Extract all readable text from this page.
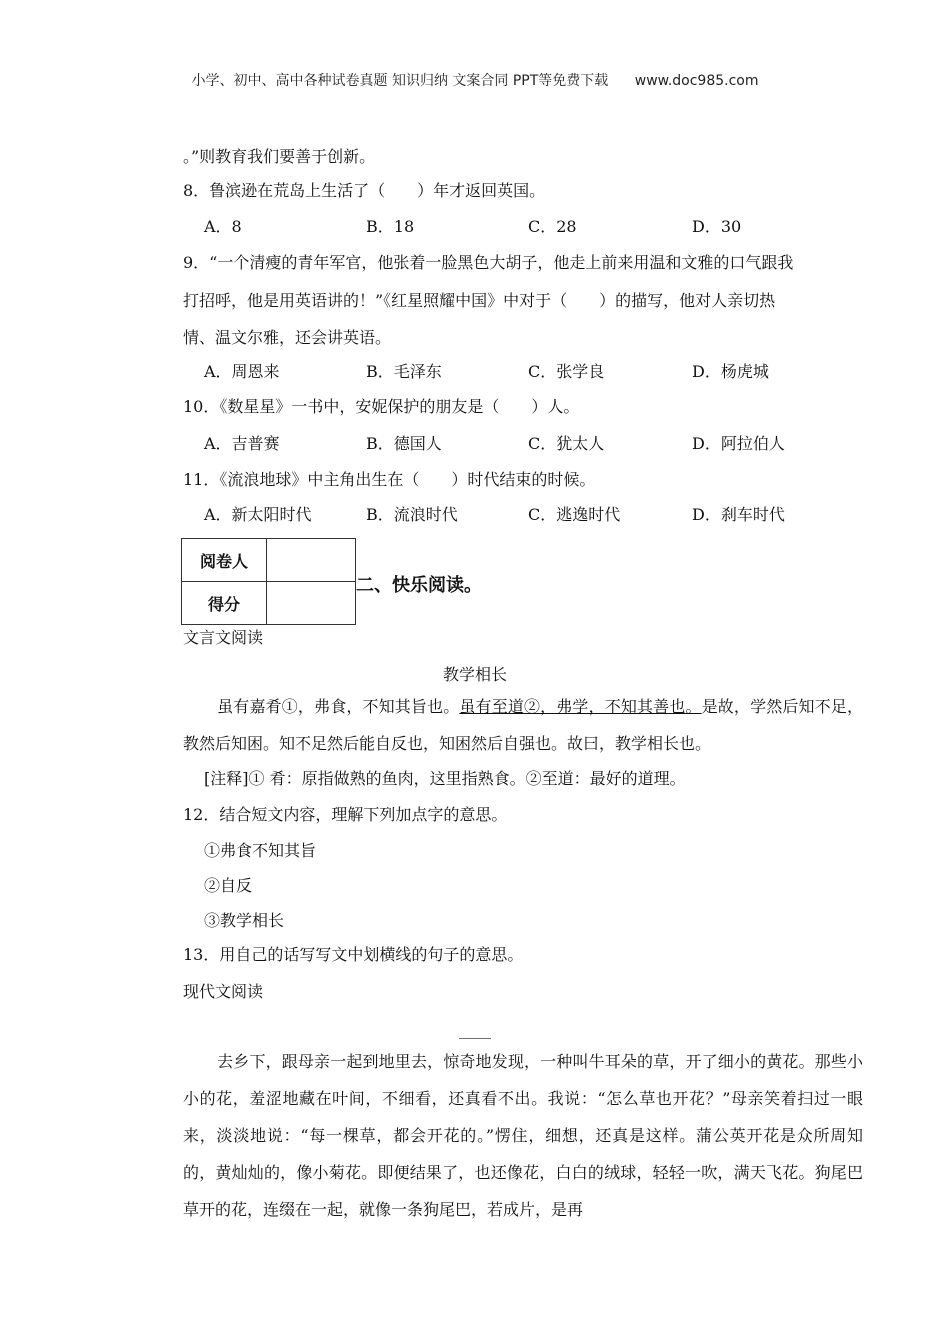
小学、初中、高中各种试卷真题 知识归纳 文案合同 PPT等免费下载 www.doc985.com
。”则教育我们要善于创新。
8．鲁滨逊在荒岛上生活了（　　）年才返回英国。
A．8	B．18	C．28	D．30
9．“一个清瘦的青年军官，他张着一脸黑色大胡子，他走上前来用温和文雅的口气跟我
打招呼，他是用英语讲的！”《红星照耀中国》中对于（　　）的描写，他对人亲切热
情、温文尔雅，还会讲英语。
A．周恩来	B．毛泽东	C．张学良	D．杨虎城
10．《数星星》一书中，安妮保护的朋友是（　　）人。
A．吉普赛	B．德国人	C．犹太人	D．阿拉伯人
11．《流浪地球》中主角出生在（　　）时代结束的时候。
A．新太阳时代	B．流浪时代	C．逃逸时代	D．刹车时代
阅卷人	
得分	
二、快乐阅读。
文言文阅读
教学相长
虽有嘉肴①，弗食，不知其旨也。虽有至道②，弗学，不知其善也。是故，学然后知不足，教然后知困。知不足然后能自反也，知困然后自强也。故曰，教学相长也。
[注释]① 肴：原指做熟的鱼肉，这里指熟食。②至道：最好的道理。
12．结合短文内容，理解下列加点字的意思。
①弗食不知其旨
②自反
③教学相长
13．用自己的话写写文中划横线的句子的意思。
现代文阅读
____
去乡下，跟母亲一起到地里去，惊奇地发现，一种叫牛耳朵的草，开了细小的黄花。那些小小的花，羞涩地藏在叶间，不细看，还真看不出。我说：“怎么草也开花？”母亲笑着扫过一眼来，淡淡地说：“每一棵草，都会开花的。”愣住，细想，还真是这样。蒲公英开花是众所周知的，黄灿灿的，像小菊花。即便结果了，也还像花，白白的绒球，轻轻一吹，满天飞花。狗尾巴草开的花，连缀在一起，就像一条狗尾巴，若成片，是再
